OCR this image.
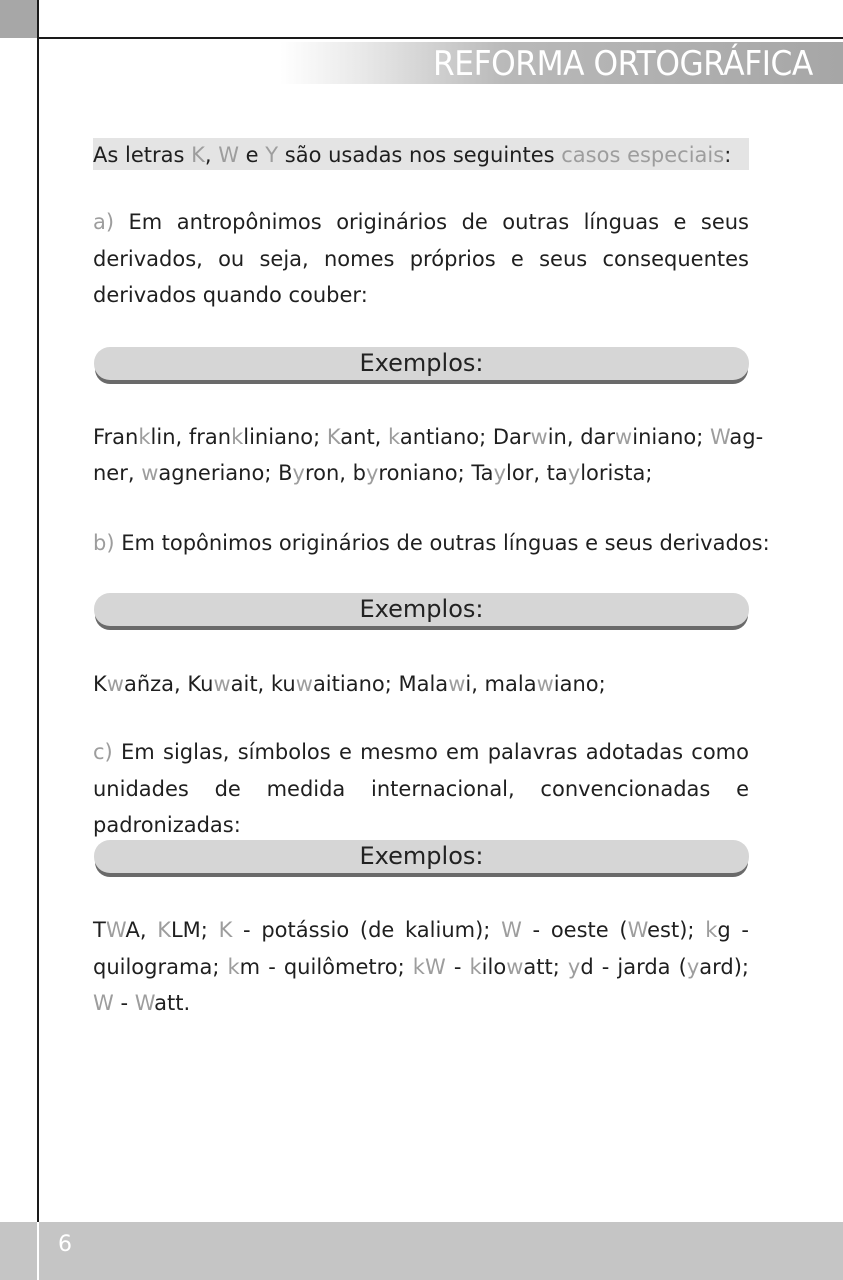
REFORMA ORTOGRÁFICA
As letras K, W e Y são usadas nos seguintes casos especiais:
a) Em antropônimos originários de outras línguas e seus derivados, ou seja, nomes próprios e seus consequentes derivados quando couber:
Exemplos:
Franklin, frankliniano; Kant, kantiano; Darwin, darwiniano; Wag-
ner, wagneriano; Byron, byroniano; Taylor, taylorista;
b) Em topônimos originários de outras línguas e seus derivados:
Exemplos:
Kwañza, Kuwait, kuwaitiano; Malawi, malawiano;
c) Em siglas, símbolos e mesmo em palavras adotadas como unidades de medida internacional, convencionadas e padronizadas:
Exemplos:
TWA, KLM; K - potássio (de kalium); W - oeste (West); kg - quilograma; km - quilômetro; kW - kilowatt; yd - jarda (yard); W - Watt.
6
